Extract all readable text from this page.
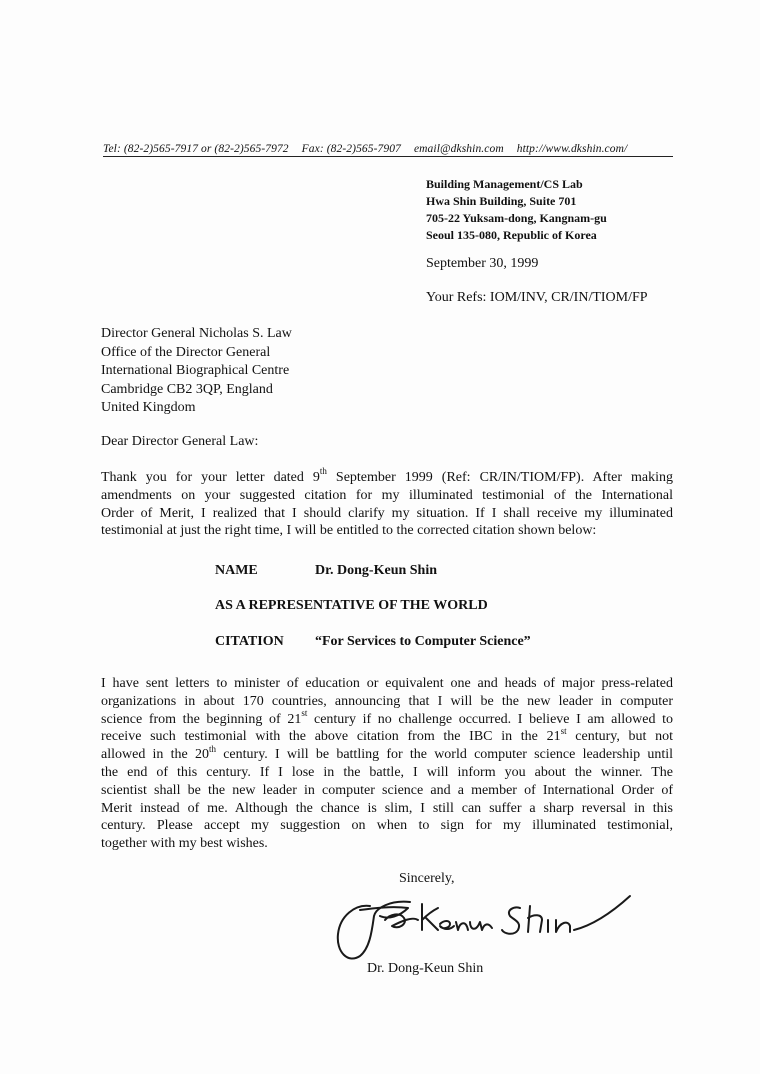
Tel: (82-2)565-7917 or (82-2)565-7972 Fax: (82-2)565-7907 email@dkshin.com http://www.dkshin.com/
Building Management/CS Lab
Hwa Shin Building, Suite 701
705-22 Yuksam-dong, Kangnam-gu
Seoul 135-080, Republic of Korea
September 30, 1999
Your Refs: IOM/INV, CR/IN/TIOM/FP
Director General Nicholas S. Law
Office of the Director General
International Biographical Centre
Cambridge CB2 3QP, England
United Kingdom
Dear Director General Law:
Thank you for your letter dated 9th September 1999 (Ref: CR/IN/TIOM/FP). After making
amendments on your suggested citation for my illuminated testimonial of the International
Order of Merit, I realized that I should clarify my situation. If I shall receive my illuminated
testimonial at just the right time, I will be entitled to the corrected citation shown below:
NAME	Dr. Dong-Keun Shin
AS A REPRESENTATIVE OF THE WORLD
CITATION “For Services to Computer Science”
I have sent letters to minister of education or equivalent one and heads of major press-related
organizations in about 170 countries, announcing that I will be the new leader in computer
science from the beginning of 21st century if no challenge occurred. I believe I am allowed to
receive such testimonial with the above citation from the IBC in the 21st century, but not
allowed in the 20th century. I will be battling for the world computer science leadership until
the end of this century. If I lose in the battle, I will inform you about the winner. The
scientist shall be the new leader in computer science and a member of International Order of
Merit instead of me. Although the chance is slim, I still can suffer a sharp reversal in this
century. Please accept my suggestion on when to sign for my illuminated testimonial,
together with my best wishes.
Sincerely,
Dr. Dong-Keun Shin
